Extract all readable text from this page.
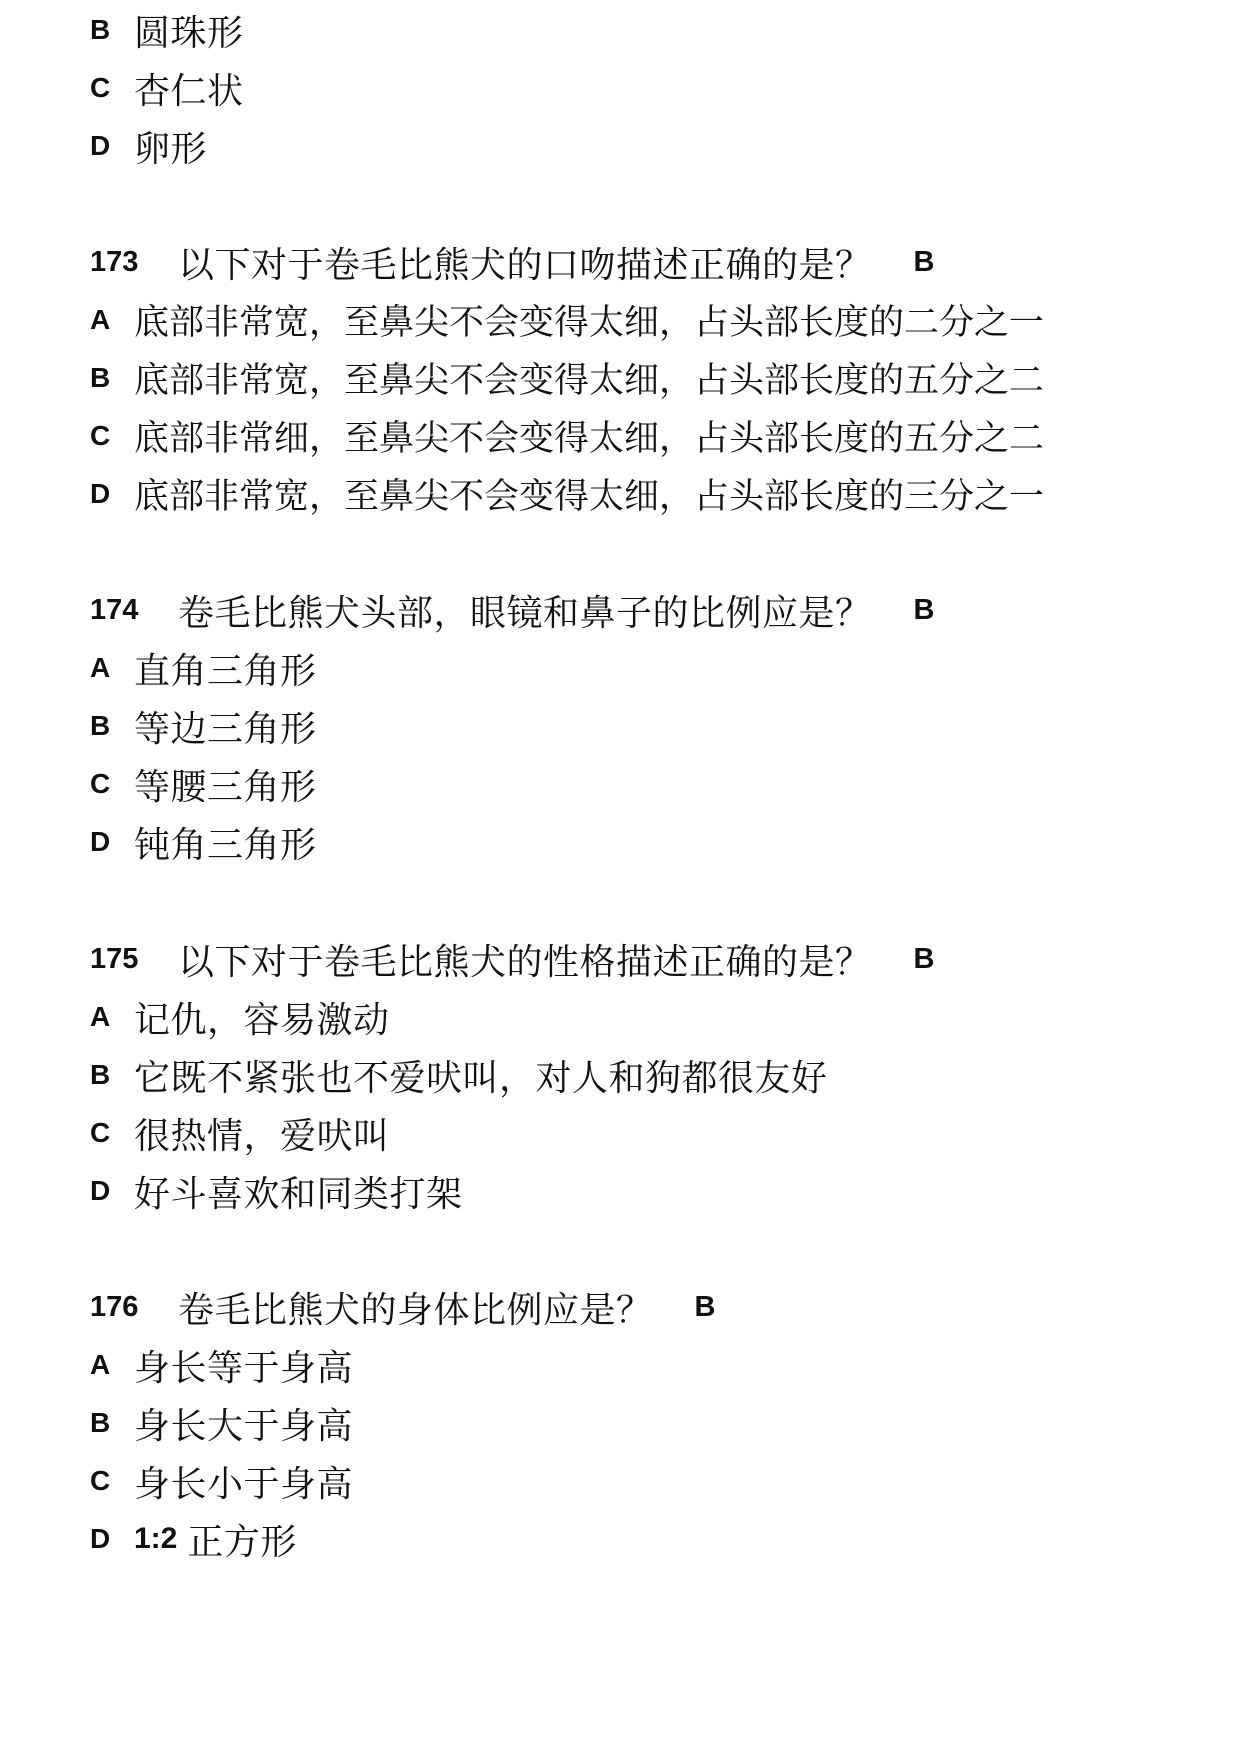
B 圆珠形
C 杏仁状
D 卵形
173	以下对于卷毛比熊犬的口吻描述正确的是？ B
A 底部非常宽，至鼻尖不会变得太细，占头部长度的二分之一
B 底部非常宽，至鼻尖不会变得太细，占头部长度的五分之二
C 底部非常细，至鼻尖不会变得太细，占头部长度的五分之二
D 底部非常宽，至鼻尖不会变得太细，占头部长度的三分之一
174	卷毛比熊犬头部，眼镜和鼻子的比例应是？ B
A 直角三角形
B 等边三角形
C 等腰三角形
D 钝角三角形
175	以下对于卷毛比熊犬的性格描述正确的是？ B
A 记仇，容易激动
B 它既不紧张也不爱吠叫，对人和狗都很友好
C 很热情，爱吠叫
D 好斗喜欢和同类打架
176	卷毛比熊犬的身体比例应是？ B
A 身长等于身高
B 身长大于身高
C 身长小于身高
D 1:2 正方形
